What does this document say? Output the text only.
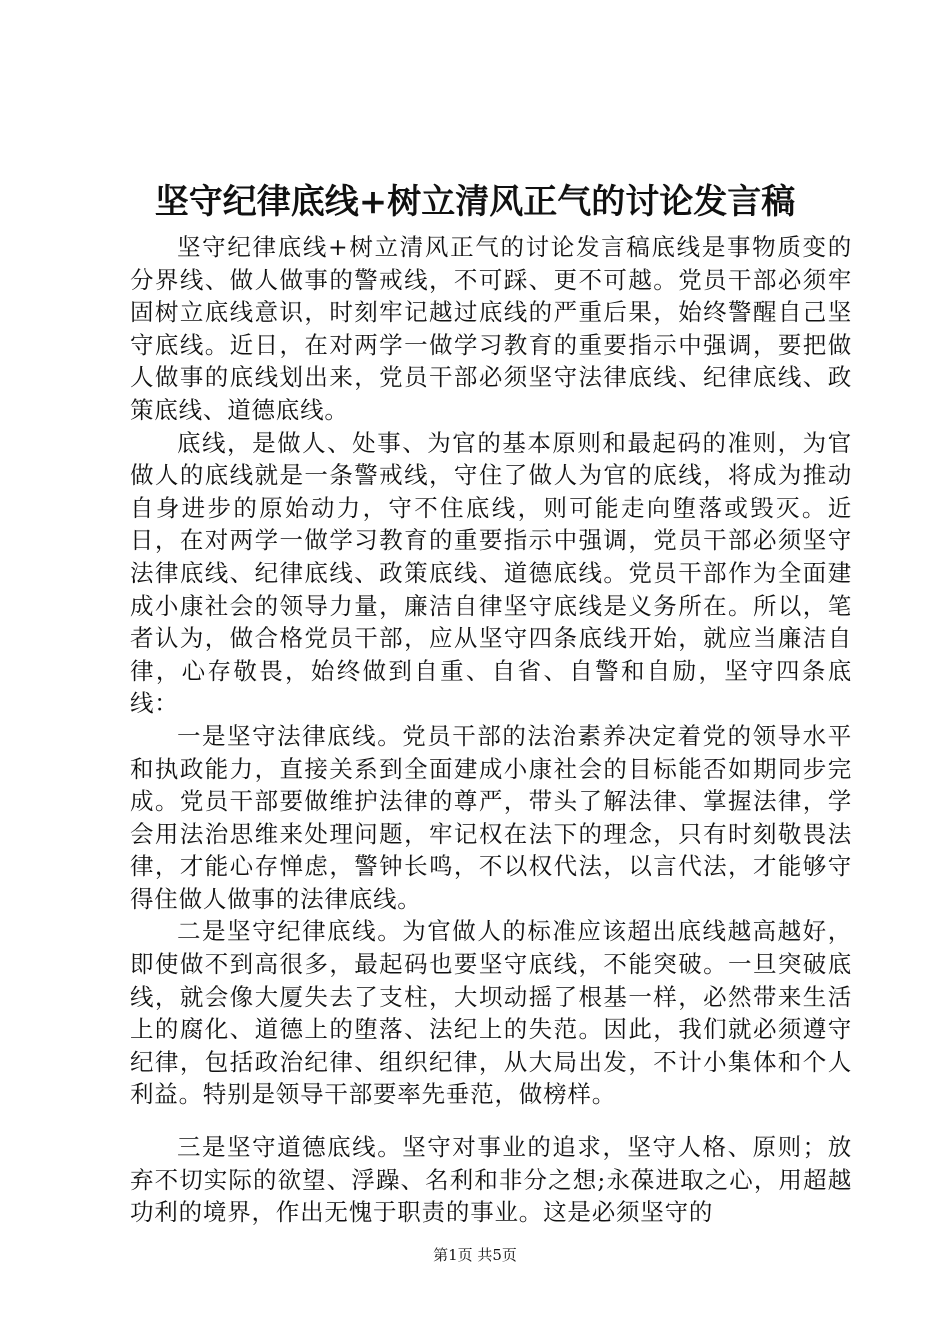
坚守纪律底线+树立清风正气的讨论发言稿

坚守纪律底线+树立清风正气的讨论发言稿底线是事物质变的分界线、做人做事的警戒线，不可踩、更不可越。党员干部必须牢固树立底线意识，时刻牢记越过底线的严重后果，始终警醒自己坚守底线。近日，在对两学一做学习教育的重要指示中强调，要把做人做事的底线划出来，党员干部必须坚守法律底线、纪律底线、政策底线、道德底线。

底线，是做人、处事、为官的基本原则和最起码的准则，为官做人的底线就是一条警戒线，守住了做人为官的底线，将成为推动自身进步的原始动力，守不住底线，则可能走向堕落或毁灭。近日，在对两学一做学习教育的重要指示中强调，党员干部必须坚守法律底线、纪律底线、政策底线、道德底线。党员干部作为全面建成小康社会的领导力量，廉洁自律坚守底线是义务所在。所以，笔者认为，做合格党员干部，应从坚守四条底线开始，就应当廉洁自律，心存敬畏，始终做到自重、自省、自警和自励，坚守四条底线：

一是坚守法律底线。党员干部的法治素养决定着党的领导水平和执政能力，直接关系到全面建成小康社会的目标能否如期同步完成。党员干部要做维护法律的尊严，带头了解法律、掌握法律，学会用法治思维来处理问题，牢记权在法下的理念，只有时刻敬畏法律，才能心存惮虑，警钟长鸣，不以权代法，以言代法，才能够守得住做人做事的法律底线。

二是坚守纪律底线。为官做人的标准应该超出底线越高越好，即使做不到高很多，最起码也要坚守底线，不能突破。一旦突破底线，就会像大厦失去了支柱，大坝动摇了根基一样，必然带来生活上的腐化、道德上的堕落、法纪上的失范。因此，我们就必须遵守纪律，包括政治纪律、组织纪律，从大局出发，不计小集体和个人利益。特别是领导干部要率先垂范，做榜样。

三是坚守道德底线。坚守对事业的追求，坚守人格、原则；放弃不切实际的欲望、浮躁、名利和非分之想;永葆进取之心，用超越功利的境界，作出无愧于职责的事业。这是必须坚守的

第1页 共5页
